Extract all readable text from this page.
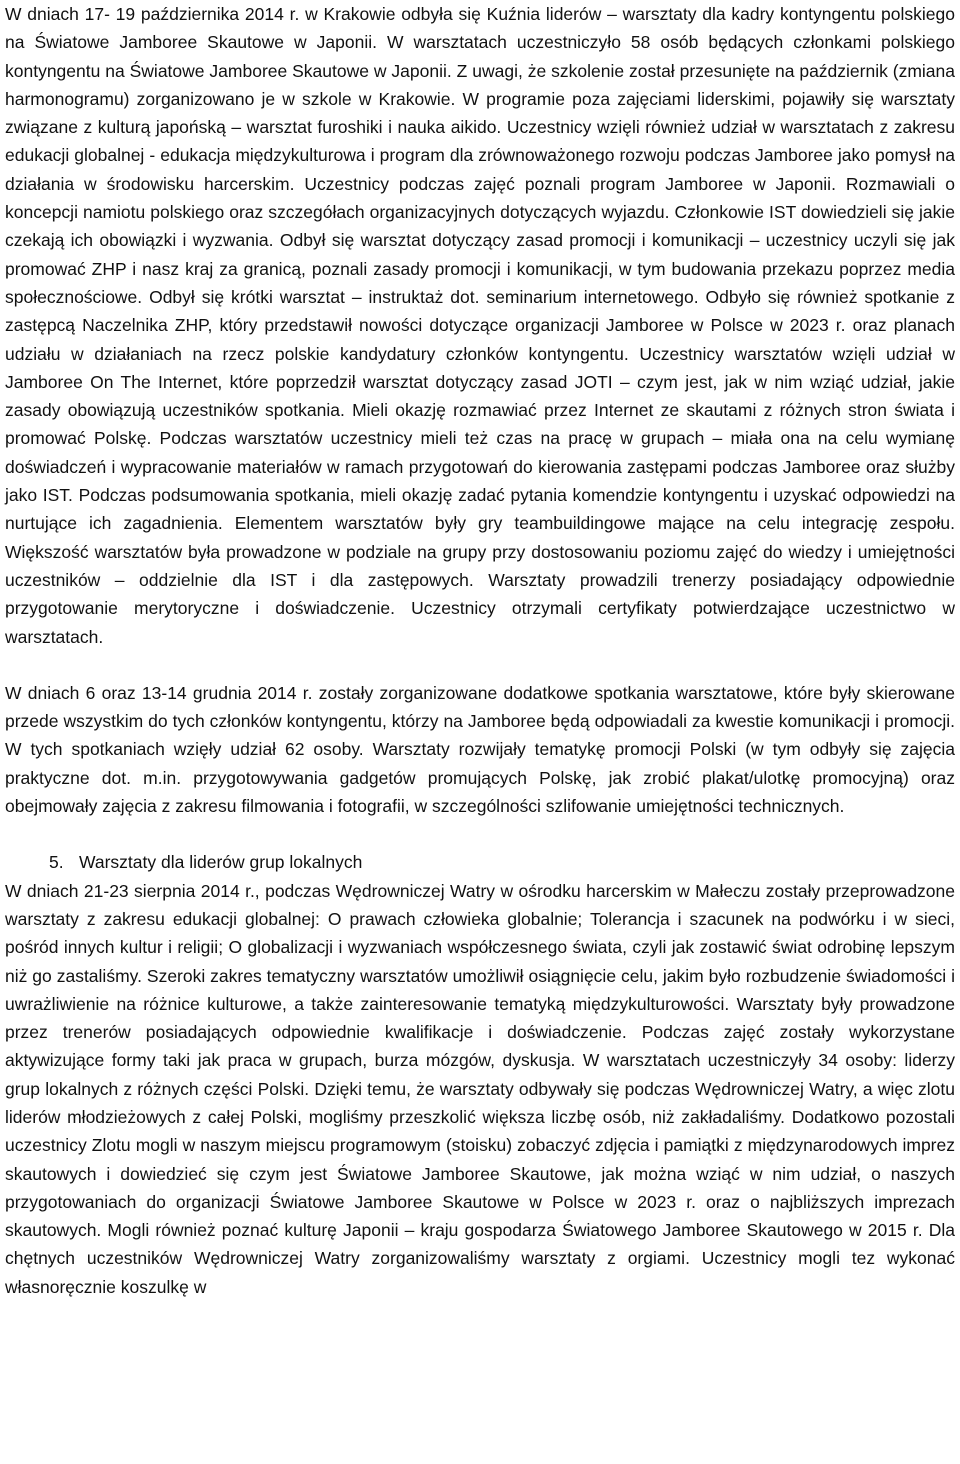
W dniach 17- 19 października 2014 r. w Krakowie odbyła się Kuźnia liderów – warsztaty dla kadry kontyngentu polskiego na Światowe Jamboree Skautowe w Japonii. W warsztatach uczestniczyło 58 osób będących członkami polskiego kontyngentu na Światowe Jamboree Skautowe w Japonii. Z uwagi, że szkolenie został przesunięte na październik (zmiana harmonogramu) zorganizowano je w szkole w Krakowie. W programie poza zajęciami liderskimi, pojawiły się warsztaty związane z kulturą japońską – warsztat furoshiki i nauka aikido. Uczestnicy wzięli również udział w warsztatach z zakresu edukacji globalnej - edukacja międzykulturowa i program dla zrównoważonego rozwoju podczas Jamboree jako pomysł na działania w środowisku harcerskim. Uczestnicy podczas zajęć poznali program Jamboree w Japonii. Rozmawiali o koncepcji namiotu polskiego oraz szczegółach organizacyjnych dotyczących wyjazdu. Członkowie IST dowiedzieli się jakie czekają ich obowiązki i wyzwania. Odbył się warsztat dotyczący zasad promocji i komunikacji – uczestnicy uczyli się jak promować ZHP i nasz kraj za granicą, poznali zasady promocji i komunikacji, w tym budowania przekazu poprzez media społecznościowe. Odbył się krótki warsztat – instruktaż dot. seminarium internetowego. Odbyło się również spotkanie z zastępcą Naczelnika ZHP, który przedstawił nowości dotyczące organizacji Jamboree w Polsce w 2023 r. oraz planach udziału w działaniach na rzecz polskie kandydatury członków kontyngentu. Uczestnicy warsztatów wzięli udział w Jamboree On The Internet, które poprzedził warsztat dotyczący zasad JOTI – czym jest, jak w nim wziąć udział, jakie zasady obowiązują uczestników spotkania. Mieli okazję rozmawiać przez Internet ze skautami z różnych stron świata i promować Polskę. Podczas warsztatów uczestnicy mieli też czas na pracę w grupach – miała ona na celu wymianę doświadczeń i wypracowanie materiałów w ramach przygotowań do kierowania zastępami podczas Jamboree oraz służby jako IST. Podczas podsumowania spotkania, mieli okazję zadać pytania komendzie kontyngentu i uzyskać odpowiedzi na nurtujące ich zagadnienia. Elementem warsztatów były gry teambuildingowe mające na celu integrację zespołu. Większość warsztatów była prowadzone w podziale na grupy przy dostosowaniu poziomu zajęć do wiedzy i umiejętności uczestników – oddzielnie dla IST i dla zastępowych. Warsztaty prowadzili trenerzy posiadający odpowiednie przygotowanie merytoryczne i doświadczenie. Uczestnicy otrzymali certyfikaty potwierdzające uczestnictwo w warsztatach.

W dniach 6 oraz 13-14 grudnia 2014 r. zostały zorganizowane dodatkowe spotkania warsztatowe, które były skierowane przede wszystkim do tych członków kontyngentu, którzy na Jamboree będą odpowiadali za kwestie komunikacji i promocji. W tych spotkaniach wzięły udział 62 osoby. Warsztaty rozwijały tematykę promocji Polski (w tym odbyły się zajęcia praktyczne dot. m.in. przygotowywania gadgetów promujących Polskę, jak zrobić plakat/ulotkę promocyjną) oraz obejmowały zajęcia z zakresu filmowania i fotografii, w szczególności szlifowanie umiejętności technicznych.

5. Warsztaty dla liderów grup lokalnych

W dniach 21-23 sierpnia 2014 r., podczas Wędrowniczej Watry w ośrodku harcerskim w Małeczu zostały przeprowadzone warsztaty z zakresu edukacji globalnej: O prawach człowieka globalnie; Tolerancja i szacunek na podwórku i w sieci, pośród innych kultur i religii; O globalizacji i wyzwaniach współczesnego świata, czyli jak zostawić świat odrobinę lepszym niż go zastaliśmy. Szeroki zakres tematyczny warsztatów umożliwił osiągnięcie celu, jakim było rozbudzenie świadomości i uwrażliwienie na różnice kulturowe, a także zainteresowanie tematyką międzykulturowości. Warsztaty były prowadzone przez trenerów posiadających odpowiednie kwalifikacje i doświadczenie. Podczas zajęć zostały wykorzystane aktywizujące formy taki jak praca w grupach, burza mózgów, dyskusja. W warsztatach uczestniczyły 34 osoby: liderzy grup lokalnych z różnych części Polski. Dzięki temu, że warsztaty odbywały się podczas Wędrowniczej Watry, a więc zlotu liderów młodzieżowych z całej Polski, mogliśmy przeszkolić większa liczbę osób, niż zakładaliśmy. Dodatkowo pozostali uczestnicy Zlotu mogli w naszym miejscu programowym (stoisku) zobaczyć zdjęcia i pamiątki z międzynarodowych imprez skautowych i dowiedzieć się czym jest Światowe Jamboree Skautowe, jak można wziąć w nim udział, o naszych przygotowaniach do organizacji Światowe Jamboree Skautowe w Polsce w 2023 r. oraz o najbliższych imprezach skautowych. Mogli również poznać kulturę Japonii – kraju gospodarza Światowego Jamboree Skautowego w 2015 r. Dla chętnych uczestników Wędrowniczej Watry zorganizowaliśmy warsztaty z orgiami. Uczestnicy mogli tez wykonać własnoręcznie koszulkę w
